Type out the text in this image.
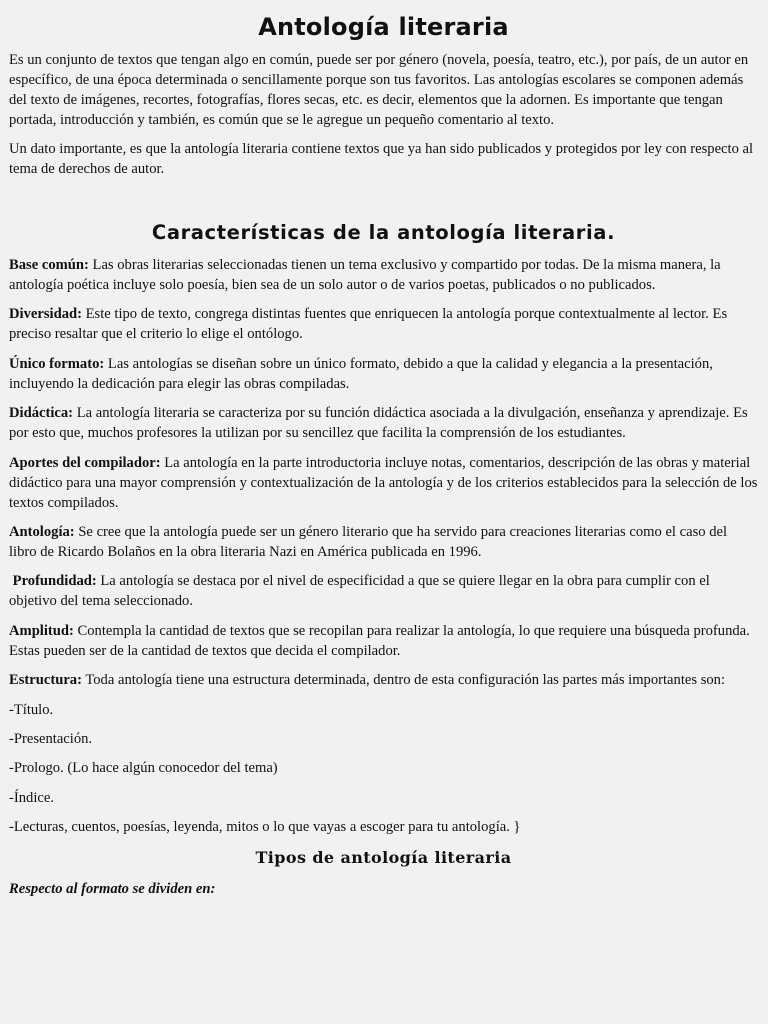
Antología literaria

Es un conjunto de textos que tengan algo en común, puede ser por género (novela, poesía, teatro, etc.), por país, de un autor en específico, de una época determinada o sencillamente porque son tus favoritos. Las antologías escolares se componen además del texto de imágenes, recortes, fotografías, flores secas, etc. es decir, elementos que la adornen. Es importante que tengan portada, introducción y también, es común que se le agregue un pequeño comentario al texto.

Un dato importante, es que la antología literaria contiene textos que ya han sido publicados y protegidos por ley con respecto al tema de derechos de autor.

Características de la antología literaria.

Base común: Las obras literarias seleccionadas tienen un tema exclusivo y compartido por todas. De la misma manera, la antología poética incluye solo poesía, bien sea de un solo autor o de varios poetas, publicados o no publicados.

Diversidad: Este tipo de texto, congrega distintas fuentes que enriquecen la antología porque contextualmente al lector. Es preciso resaltar que el criterio lo elige el ontólogo.

Único formato: Las antologías se diseñan sobre un único formato, debido a que la calidad y elegancia a la presentación, incluyendo la dedicación para elegir las obras compiladas.

Didáctica: La antología literaria se caracteriza por su función didáctica asociada a la divulgación, enseñanza y aprendizaje. Es por esto que, muchos profesores la utilizan por su sencillez que facilita la comprensión de los estudiantes.

Aportes del compilador: La antología en la parte introductoria incluye notas, comentarios, descripción de las obras y material didáctico para una mayor comprensión y contextualización de la antología y de los criterios establecidos para la selección de los textos compilados.

Antología: Se cree que la antología puede ser un género literario que ha servido para creaciones literarias como el caso del libro de Ricardo Bolaños en la obra literaria Nazi en América publicada en 1996.

Profundidad: La antología se destaca por el nivel de especificidad a que se quiere llegar en la obra para cumplir con el objetivo del tema seleccionado.

Amplitud: Contempla la cantidad de textos que se recopilan para realizar la antología, lo que requiere una búsqueda profunda. Estas pueden ser de la cantidad de textos que decida el compilador.

Estructura: Toda antología tiene una estructura determinada, dentro de esta configuración las partes más importantes son:

-Título.

-Presentación.

-Prologo. (Lo hace algún conocedor del tema)

-Índice.

-Lecturas, cuentos, poesías, leyenda, mitos o lo que vayas a escoger para tu antología. }

Tipos de antología literaria

Respecto al formato se dividen en:
